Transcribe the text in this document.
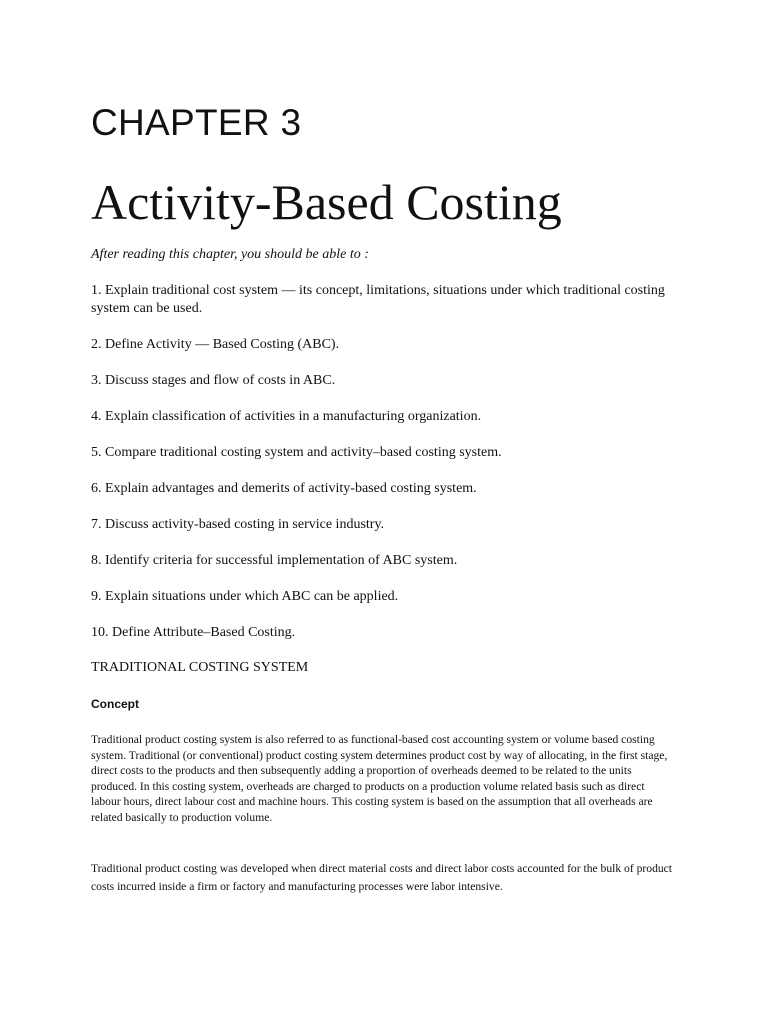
CHAPTER 3
Activity-Based Costing
After reading this chapter, you should be able to :
1. Explain traditional cost system — its concept, limitations, situations under which traditional costing system can be used.
2. Define Activity — Based Costing (ABC).
3. Discuss stages and flow of costs in ABC.
4. Explain classification of activities in a manufacturing organization.
5. Compare traditional costing system and activity–based costing system.
6. Explain advantages and demerits of activity-based costing system.
7. Discuss activity-based costing in service industry.
8. Identify criteria for successful implementation of ABC system.
9. Explain situations under which ABC can be applied.
10. Define Attribute–Based Costing.
TRADITIONAL COSTING SYSTEM
Concept

Traditional product costing system is also referred to as functional-based cost accounting system or volume based costing system. Traditional (or conventional) product costing system determines product cost by way of allocating, in the first stage, direct costs to the products and then subsequently adding a proportion of overheads deemed to be related to the units produced. In this costing system, overheads are charged to products on a production volume related basis such as direct labour hours, direct labour cost and machine hours. This costing system is based on the assumption that all overheads are related basically to production volume.

Traditional product costing was developed when direct material costs and direct labor costs accounted for the bulk of product costs incurred inside a firm or factory and manufacturing processes were labor intensive.
